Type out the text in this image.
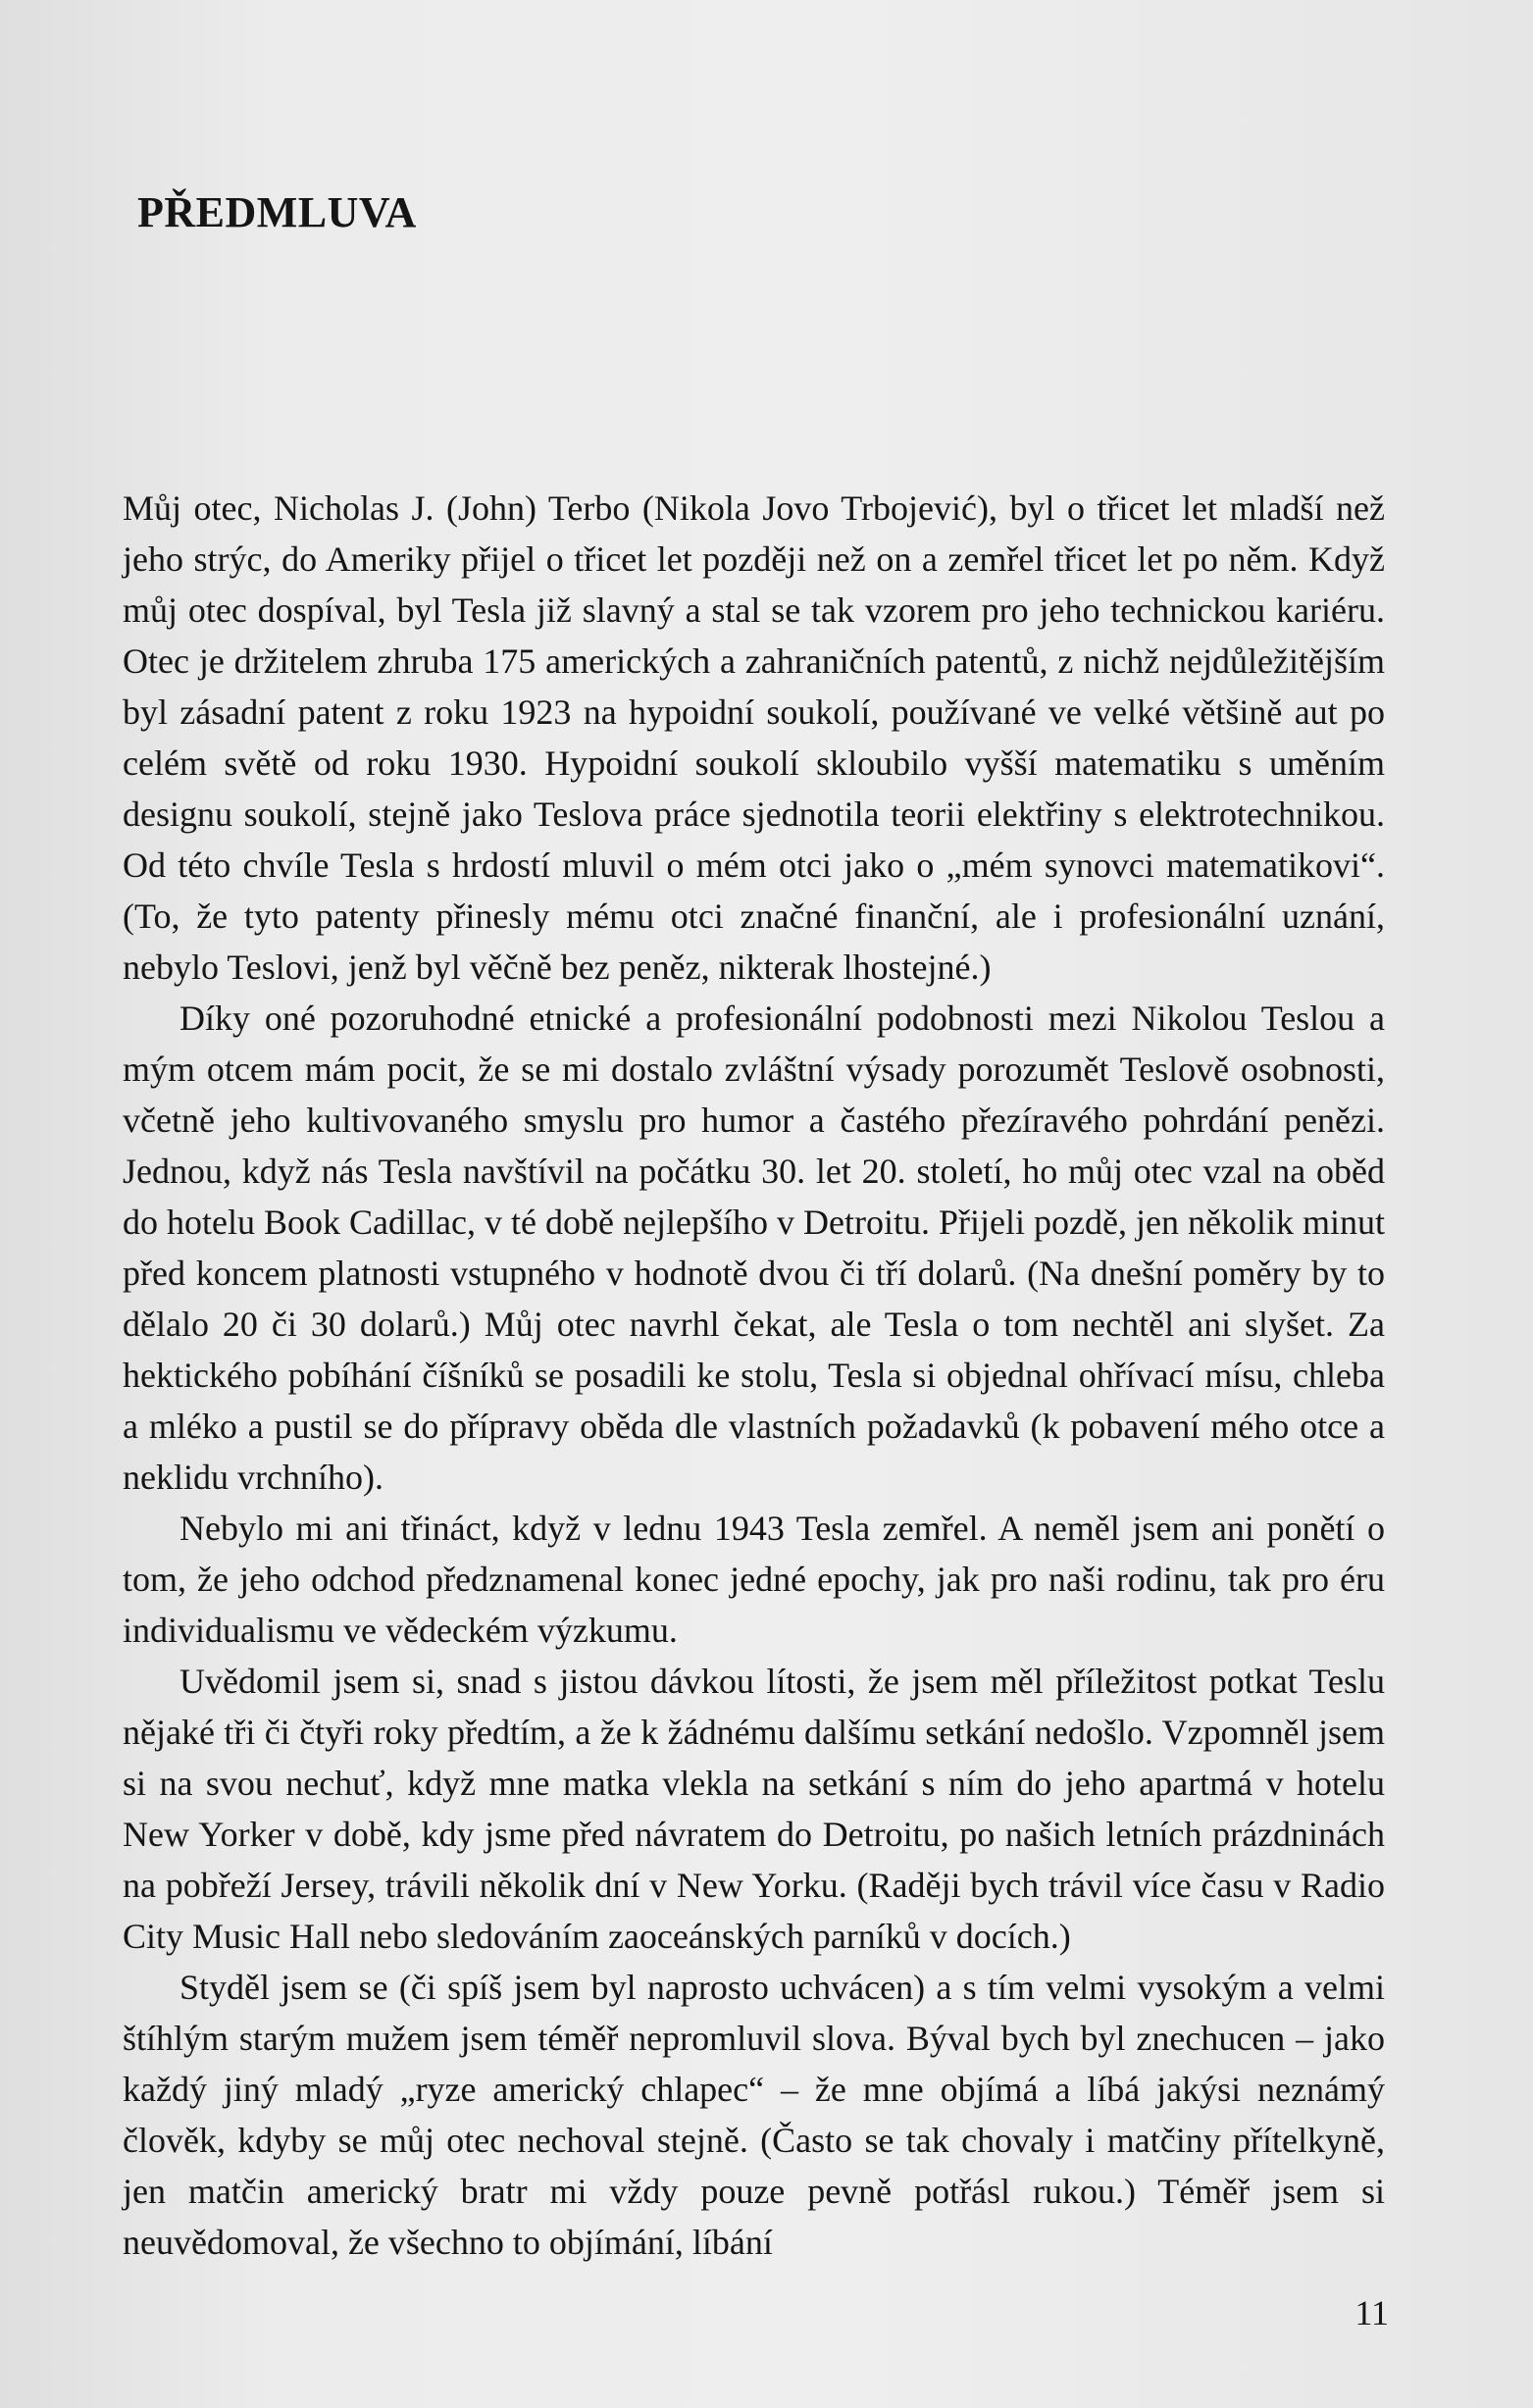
PŘEDMLUVA

Můj otec, Nicholas J. (John) Terbo (Nikola Jovo Trbojević), byl o třicet let mladší než jeho strýc, do Ameriky přijel o třicet let později než on a zemřel třicet let po něm. Když můj otec dospíval, byl Tesla již slavný a stal se tak vzorem pro jeho technickou kariéru. Otec je držitelem zhruba 175 amerických a zahraničních patentů, z nichž nejdůležitějším byl zásadní patent z roku 1923 na hypoidní soukolí, používané ve velké většině aut po celém světě od roku 1930. Hypoidní soukolí skloubilo vyšší matematiku s uměním designu soukolí, stejně jako Teslova práce sjednotila teorii elektřiny s elektrotechnikou. Od této chvíle Tesla s hrdostí mluvil o mém otci jako o „mém synovci matematikovi“. (To, že tyto patenty přinesly mému otci značné finanční, ale i profesionální uznání, nebylo Teslovi, jenž byl věčně bez peněz, nikterak lhostejné.)

Díky oné pozoruhodné etnické a profesionální podobnosti mezi Nikolou Teslou a mým otcem mám pocit, že se mi dostalo zvláštní výsady porozumět Teslově osobnosti, včetně jeho kultivovaného smyslu pro humor a častého přezíravého pohrdání penězi. Jednou, když nás Tesla navštívil na počátku 30. let 20. století, ho můj otec vzal na oběd do hotelu Book Cadillac, v té době nejlepšího v Detroitu. Přijeli pozdě, jen několik minut před koncem platnosti vstupného v hodnotě dvou či tří dolarů. (Na dnešní poměry by to dělalo 20 či 30 dolarů.) Můj otec navrhl čekat, ale Tesla o tom nechtěl ani slyšet. Za hektického pobíhání číšníků se posadili ke stolu, Tesla si objednal ohřívací mísu, chleba a mléko a pustil se do přípravy oběda dle vlastních požadavků (k pobavení mého otce a neklidu vrchního).

Nebylo mi ani třináct, když v lednu 1943 Tesla zemřel. A neměl jsem ani ponětí o tom, že jeho odchod předznamenal konec jedné epochy, jak pro naši rodinu, tak pro éru individualismu ve vědeckém výzkumu.

Uvědomil jsem si, snad s jistou dávkou lítosti, že jsem měl příležitost potkat Teslu nějaké tři či čtyři roky předtím, a že k žádnému dalšímu setkání nedošlo. Vzpomněl jsem si na svou nechuť, když mne matka vlekla na setkání s ním do jeho apartmá v hotelu New Yorker v době, kdy jsme před návratem do Detroitu, po našich letních prázdninách na pobřeží Jersey, trávili několik dní v New Yorku. (Raději bych trávil více času v Radio City Music Hall nebo sledováním zaoceánských parníků v docích.)

Styděl jsem se (či spíš jsem byl naprosto uchvácen) a s tím velmi vysokým a velmi štíhlým starým mužem jsem téměř nepromluvil slova. Býval bych byl znechucen – jako každý jiný mladý „ryze americký chlapec“ – že mne objímá a líbá jakýsi neznámý člověk, kdyby se můj otec nechoval stejně. (Často se tak chovaly i matčiny přítelkyně, jen matčin americký bratr mi vždy pouze pevně potřásl rukou.) Téměř jsem si neuvědomoval, že všechno to objímání, líbání

11
